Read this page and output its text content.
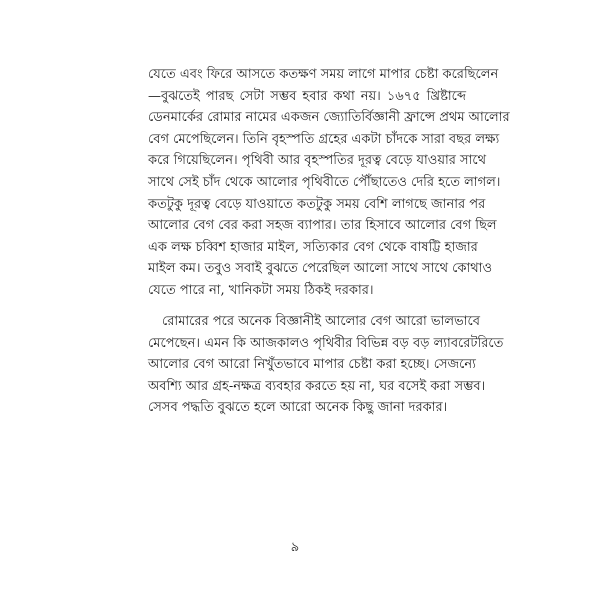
যেতে এবং ফিরে আসতে কতক্ষণ সময় লাগে মাপার চেষ্টা করেছিলেন
—বুঝতেই পারছ সেটা সম্ভব হবার কথা নয়। ১৬৭৫ খ্রিষ্টাব্দে
ডেনমার্কের রোমার নামের একজন জ্যোতির্বিজ্ঞানী ফ্রান্সে প্রথম আলোর
বেগ মেপেছিলেন। তিনি বৃহস্পতি গ্রহের একটা চাঁদকে সারা বছর লক্ষ্য
করে গিয়েছিলেন। পৃথিবী আর বৃহস্পতির দূরত্ব বেড়ে যাওয়ার সাথে
সাথে সেই চাঁদ থেকে আলোর পৃথিবীতে পৌঁছাতেও দেরি হতে লাগল।
কতটুকু দূরত্ব বেড়ে যাওয়াতে কতটুকু সময় বেশি লাগছে জানার পর
আলোর বেগ বের করা সহজ ব্যাপার। তার হিসাবে আলোর বেগ ছিল
এক লক্ষ চব্বিশ হাজার মাইল, সত্যিকার বেগ থেকে বাষট্টি হাজার
মাইল কম। তবুও সবাই বুঝতে পেরেছিল আলো সাথে সাথে কোথাও
যেতে পারে না, খানিকটা সময় ঠিকই দরকার।
রোমারের পরে অনেক বিজ্ঞানীই আলোর বেগ আরো ভালভাবে
মেপেছেন। এমন কি আজকালও পৃথিবীর বিভিন্ন বড় বড় ল্যাবরেটরিতে
আলোর বেগ আরো নিখুঁতভাবে মাপার চেষ্টা করা হচ্ছে। সেজন্যে
অবশ্যি আর গ্রহ-নক্ষত্র ব্যবহার করতে হয় না, ঘর বসেই করা সম্ভব।
সেসব পদ্ধতি বুঝতে হলে আরো অনেক কিছু জানা দরকার।
৯
